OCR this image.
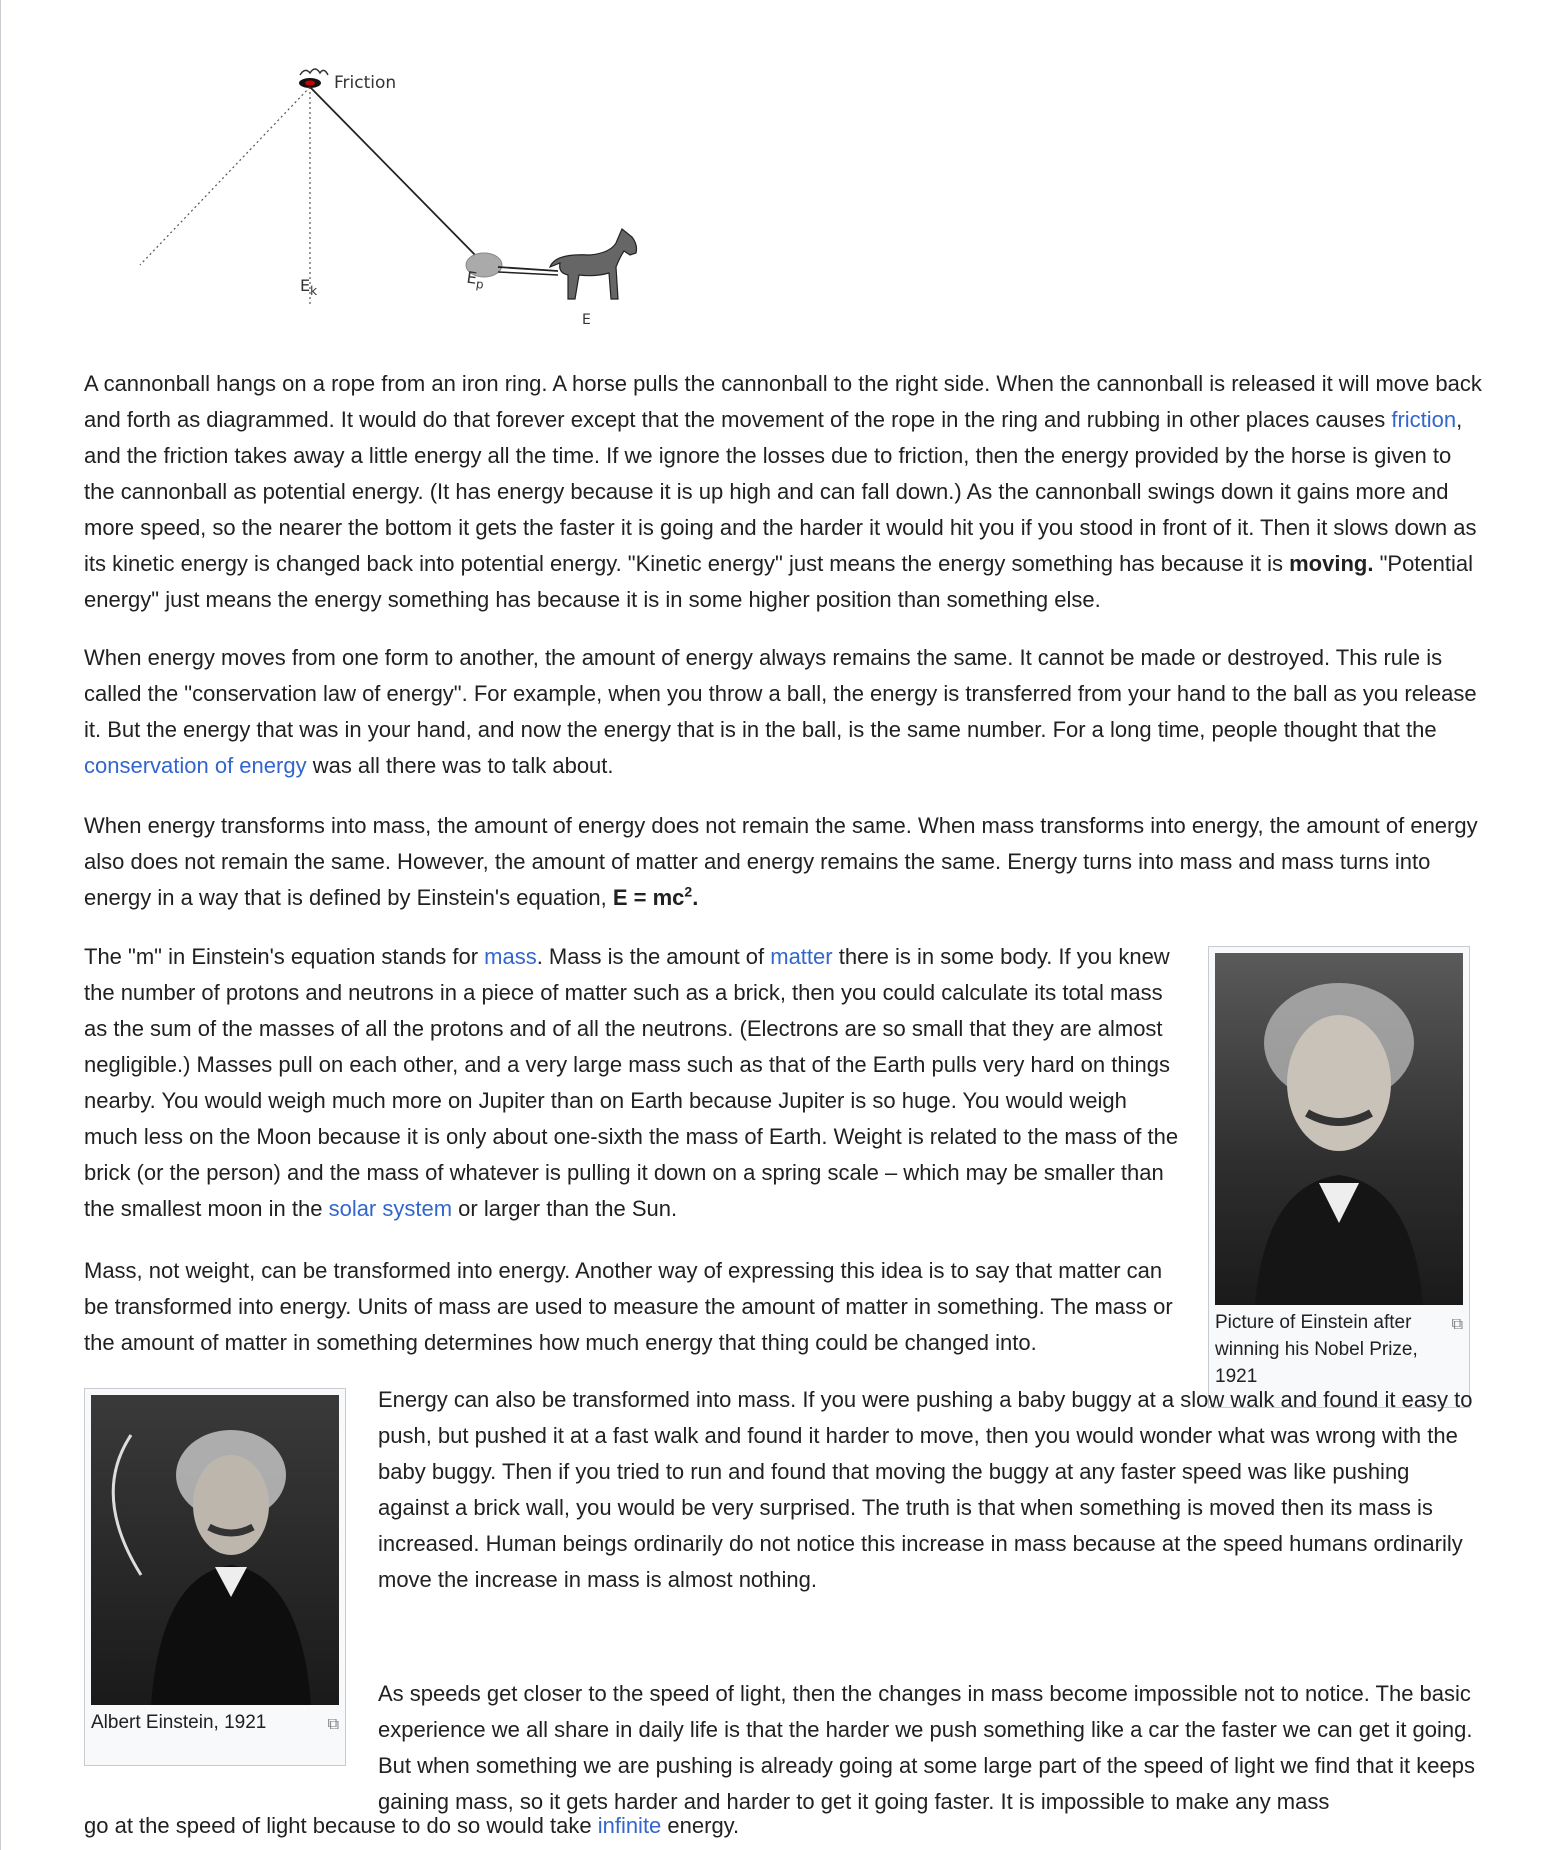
Friction
$E_k$
$E_p$
E

A cannonball hangs on a rope from an iron ring. A horse pulls the cannonball to the right side. When the cannonball is released it will move back and forth as diagrammed. It would do that forever except that the movement of the rope in the ring and rubbing in other places causes friction, and the friction takes away a little energy all the time. If we ignore the losses due to friction, then the energy provided by the horse is given to the cannonball as potential energy. (It has energy because it is up high and can fall down.) As the cannonball swings down it gains more and more speed, so the nearer the bottom it gets the faster it is going and the harder it would hit you if you stood in front of it. Then it slows down as its kinetic energy is changed back into potential energy. "Kinetic energy" just means the energy something has because it is moving. "Potential energy" just means the energy something has because it is in some higher position than something else.

When energy moves from one form to another, the amount of energy always remains the same. It cannot be made or destroyed. This rule is called the "conservation law of energy". For example, when you throw a ball, the energy is transferred from your hand to the ball as you release it. But the energy that was in your hand, and now the energy that is in the ball, is the same number. For a long time, people thought that the conservation of energy was all there was to talk about.

When energy transforms into mass, the amount of energy does not remain the same. When mass transforms into energy, the amount of energy also does not remain the same. However, the amount of matter and energy remains the same. Energy turns into mass and mass turns into energy in a way that is defined by Einstein's equation, $E = mc^2$.

The "m" in Einstein's equation stands for mass. Mass is the amount of matter there is in some body. If you knew the number of protons and neutrons in a piece of matter such as a brick, then you could calculate its total mass as the sum of the masses of all the protons and of all the neutrons. (Electrons are so small that they are almost negligible.) Masses pull on each other, and a very large mass such as that of the Earth pulls very hard on things nearby. You would weigh much more on Jupiter than on Earth because Jupiter is so huge. You would weigh much less on the Moon because it is only about one-sixth the mass of Earth. Weight is related to the mass of the brick (or the person) and the mass of whatever is pulling it down on a spring scale – which may be smaller than the smallest moon in the solar system or larger than the Sun.

Mass, not weight, can be transformed into energy. Another way of expressing this idea is to say that matter can be transformed into energy. Units of mass are used to measure the amount of matter in something. The mass or the amount of matter in something determines how much energy that thing could be changed into.

Picture of Einstein after winning his Nobel Prize, 1921
⧉
Albert Einstein, 1921	⧉

Energy can also be transformed into mass. If you were pushing a baby buggy at a slow walk and found it easy to push, but pushed it at a fast walk and found it harder to move, then you would wonder what was wrong with the baby buggy. Then if you tried to run and found that moving the buggy at any faster speed was like pushing against a brick wall, you would be very surprised. The truth is that when something is moved then its mass is increased. Human beings ordinarily do not notice this increase in mass because at the speed humans ordinarily move the increase in mass is almost nothing.

As speeds get closer to the speed of light, then the changes in mass become impossible not to notice. The basic experience we all share in daily life is that the harder we push something like a car the faster we can get it going. But when something we are pushing is already going at some large part of the speed of light we find that it keeps gaining mass, so it gets harder and harder to get it going faster. It is impossible to make any mass

go at the speed of light because to do so would take infinite energy.
